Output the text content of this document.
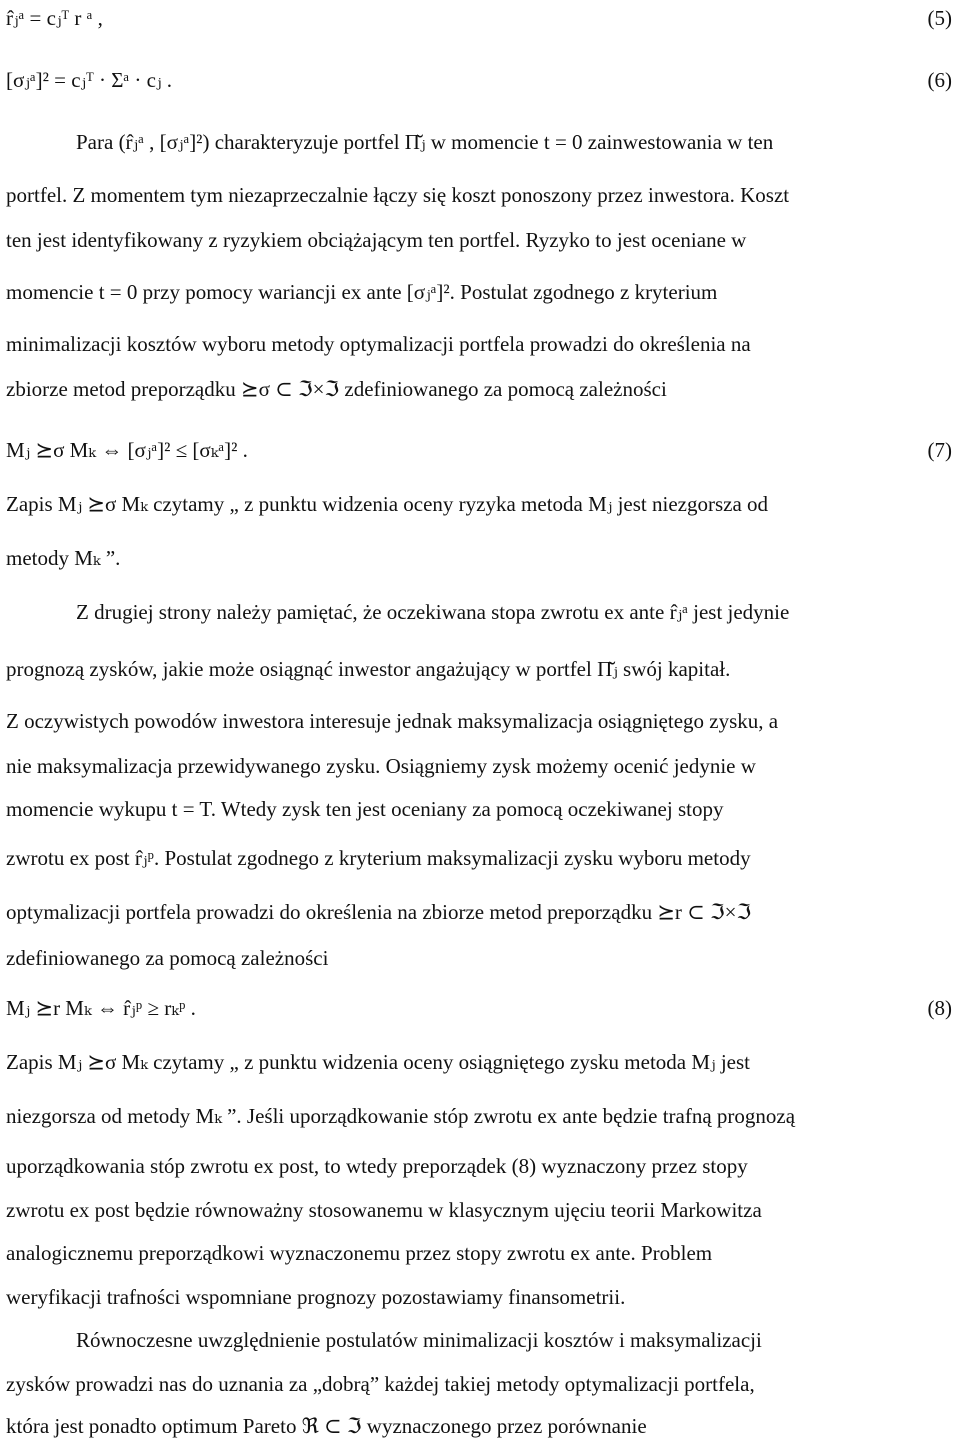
r̂ⱼᵃ = cⱼᵀ r ᵃ ,	(5)
[σⱼᵃ]² = cⱼᵀ · Σᵃ · cⱼ .	(6)
Para (r̂ⱼᵃ , [σⱼᵃ]²) charakteryzuje portfel Π̆ⱼ w momencie t = 0 zainwestowania w ten
portfel. Z momentem tym niezaprzeczalnie łączy się koszt ponoszony przez inwestora. Koszt
ten jest identyfikowany z ryzykiem obciążającym ten portfel. Ryzyko to jest oceniane w
momencie t = 0 przy pomocy wariancji ex ante [σⱼᵃ]². Postulat zgodnego z kryterium
minimalizacji kosztów wyboru metody optymalizacji portfela prowadzi do określenia na
zbiorze metod preporządku ⪰σ ⊂ ℑ×ℑ zdefiniowanego za pomocą zależności
Mⱼ ⪰σ Mₖ ⇔ [σⱼᵃ]² ≤ [σₖᵃ]² .	(7)
Zapis Mⱼ ⪰σ Mₖ czytamy „ z punktu widzenia oceny ryzyka metoda Mⱼ jest niezgorsza od
metody Mₖ ”.
Z drugiej strony należy pamiętać, że oczekiwana stopa zwrotu ex ante r̂ⱼᵃ jest jedynie
prognozą zysków, jakie może osiągnąć inwestor angażujący w portfel Π̆ⱼ swój kapitał.
Z oczywistych powodów inwestora interesuje jednak maksymalizacja osiągniętego zysku, a
nie maksymalizacja przewidywanego zysku. Osiągniemy zysk możemy ocenić jedynie w
momencie wykupu t = T. Wtedy zysk ten jest oceniany za pomocą oczekiwanej stopy
zwrotu ex post r̂ⱼᵖ. Postulat zgodnego z kryterium maksymalizacji zysku wyboru metody
optymalizacji portfela prowadzi do określenia na zbiorze metod preporządku ⪰r ⊂ ℑ×ℑ
zdefiniowanego za pomocą zależności
Mⱼ ⪰r Mₖ ⇔ r̂ⱼᵖ ≥ rₖᵖ .	(8)
Zapis Mⱼ ⪰σ Mₖ czytamy „ z punktu widzenia oceny osiągniętego zysku metoda Mⱼ jest
niezgorsza od metody Mₖ ”. Jeśli uporządkowanie stóp zwrotu ex ante będzie trafną prognozą
uporządkowania stóp zwrotu ex post, to wtedy preporządek (8) wyznaczony przez stopy
zwrotu ex post będzie równoważny stosowanemu w klasycznym ujęciu teorii Markowitza
analogicznemu preporządkowi wyznaczonemu przez stopy zwrotu ex ante. Problem
weryfikacji trafności wspomniane prognozy pozostawiamy finansometrii.
Równoczesne uwzględnienie postulatów minimalizacji kosztów i maksymalizacji
zysków prowadzi nas do uznania za „dobrą” każdej takiej metody optymalizacji portfela,
która jest ponadto optimum Pareto ℜ ⊂ ℑ wyznaczonego przez porównanie
